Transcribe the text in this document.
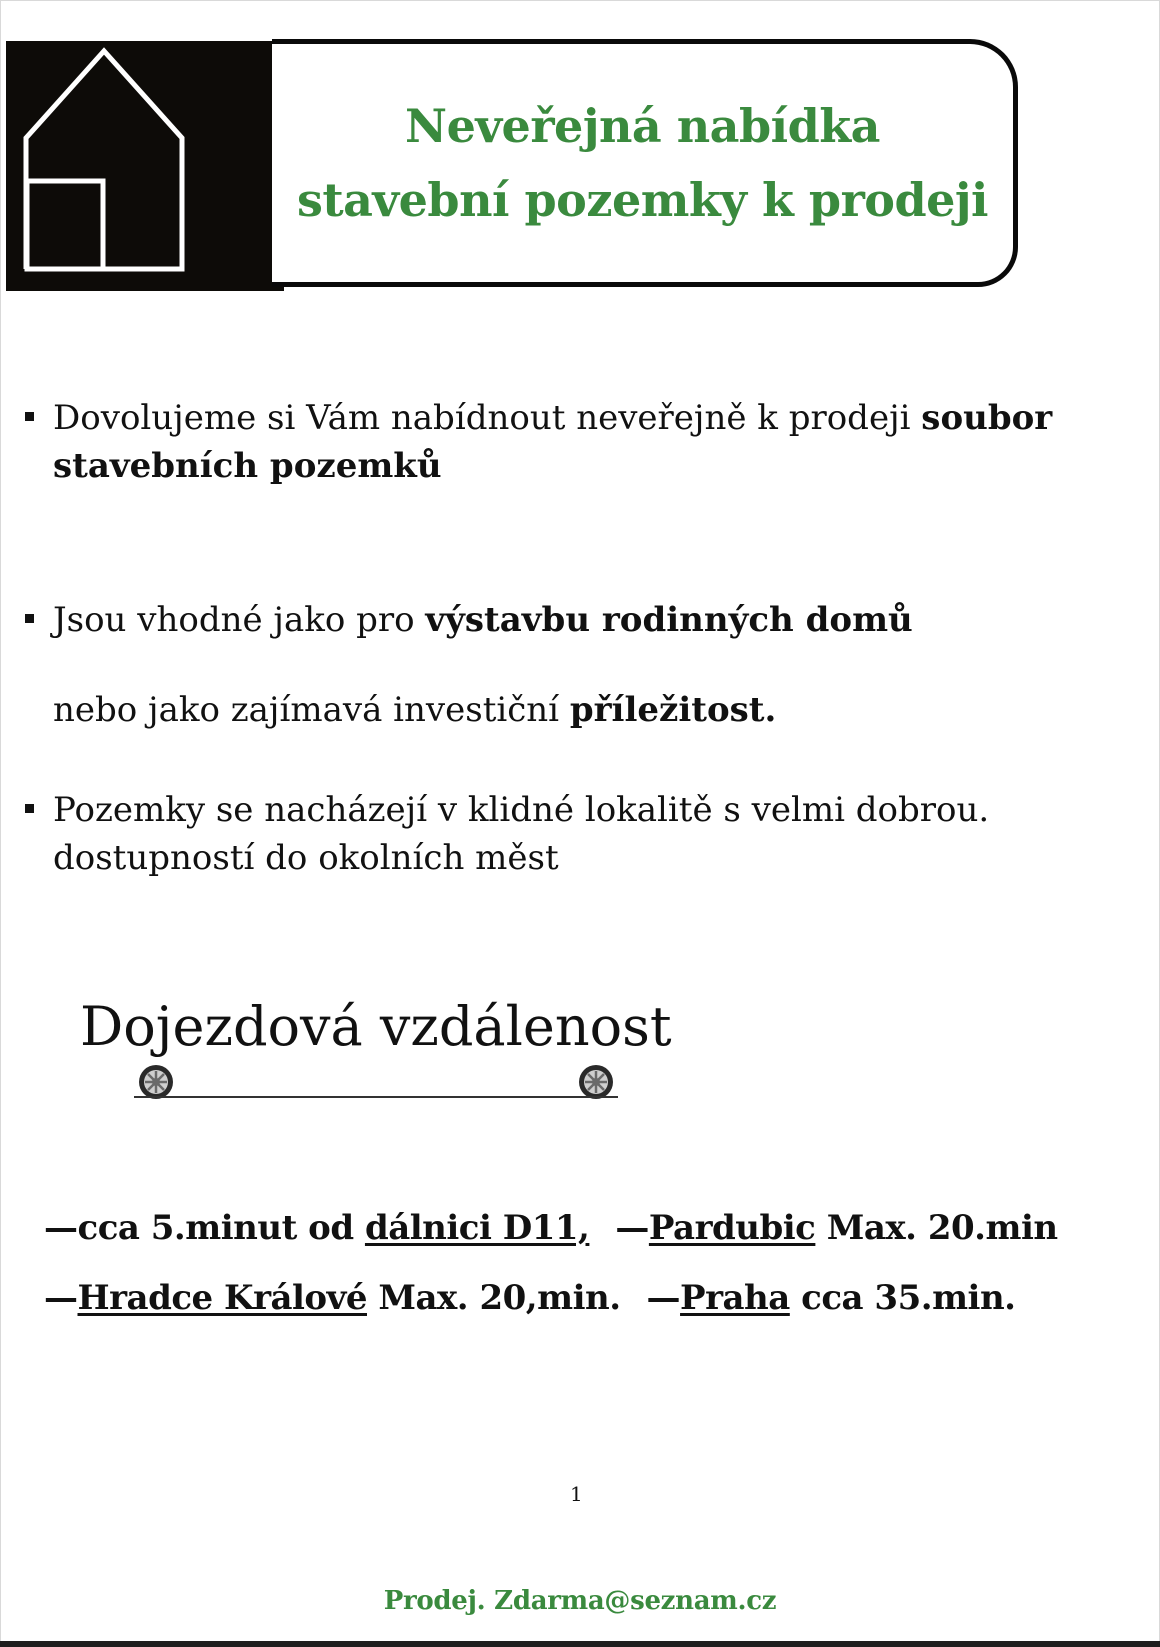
Neveřejná nabídka
stavební pozemky k prodeji
Dovolujeme si Vám nabídnout neveřejně k prodeji soubor stavebních pozemků
Jsou vhodné jako pro výstavbu rodinných domů
nebo jako zajímavá investiční příležitost.
Pozemky se nacházejí v klidné lokalitě s velmi dobrou.
dostupností do okolních měst
Dojezdová vzdálenost
—cca 5.minut od dálnici D11, —Pardubic Max. 20.min
—Hradce Králové Max. 20,min. —Praha cca 35.min.
1
Prodej. Zdarma@seznam.cz
